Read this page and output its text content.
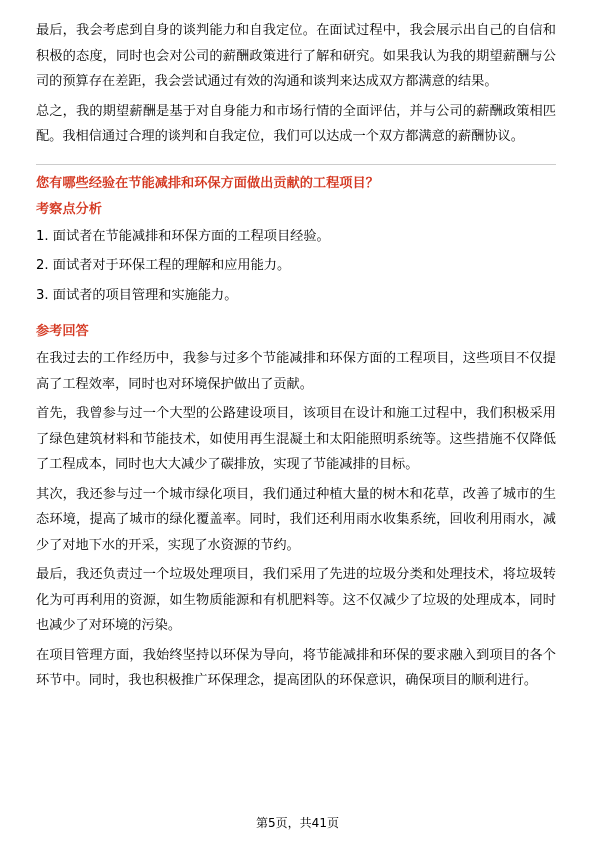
最后，我会考虑到自身的谈判能力和自我定位。在面试过程中，我会展示出自己的自信和积极的态度，同时也会对公司的薪酬政策进行了解和研究。如果我认为我的期望薪酬与公司的预算存在差距，我会尝试通过有效的沟通和谈判来达成双方都满意的结果。

总之，我的期望薪酬是基于对自身能力和市场行情的全面评估，并与公司的薪酬政策相匹配。我相信通过合理的谈判和自我定位，我们可以达成一个双方都满意的薪酬协议。

您有哪些经验在节能减排和环保方面做出贡献的工程项目？
考察点分析
1. 面试者在节能减排和环保方面的工程项目经验。
2. 面试者对于环保工程的理解和应用能力。
3. 面试者的项目管理和实施能力。
参考回答

在我过去的工作经历中，我参与过多个节能减排和环保方面的工程项目，这些项目不仅提高了工程效率，同时也对环境保护做出了贡献。

首先，我曾参与过一个大型的公路建设项目，该项目在设计和施工过程中，我们积极采用了绿色建筑材料和节能技术，如使用再生混凝土和太阳能照明系统等。这些措施不仅降低了工程成本，同时也大大减少了碳排放，实现了节能减排的目标。

其次，我还参与过一个城市绿化项目，我们通过种植大量的树木和花草，改善了城市的生态环境，提高了城市的绿化覆盖率。同时，我们还利用雨水收集系统，回收利用雨水，减少了对地下水的开采，实现了水资源的节约。

最后，我还负责过一个垃圾处理项目，我们采用了先进的垃圾分类和处理技术，将垃圾转化为可再利用的资源，如生物质能源和有机肥料等。这不仅减少了垃圾的处理成本，同时也减少了对环境的污染。

在项目管理方面，我始终坚持以环保为导向，将节能减排和环保的要求融入到项目的各个环节中。同时，我也积极推广环保理念，提高团队的环保意识，确保项目的顺利进行。

第5页，共41页
